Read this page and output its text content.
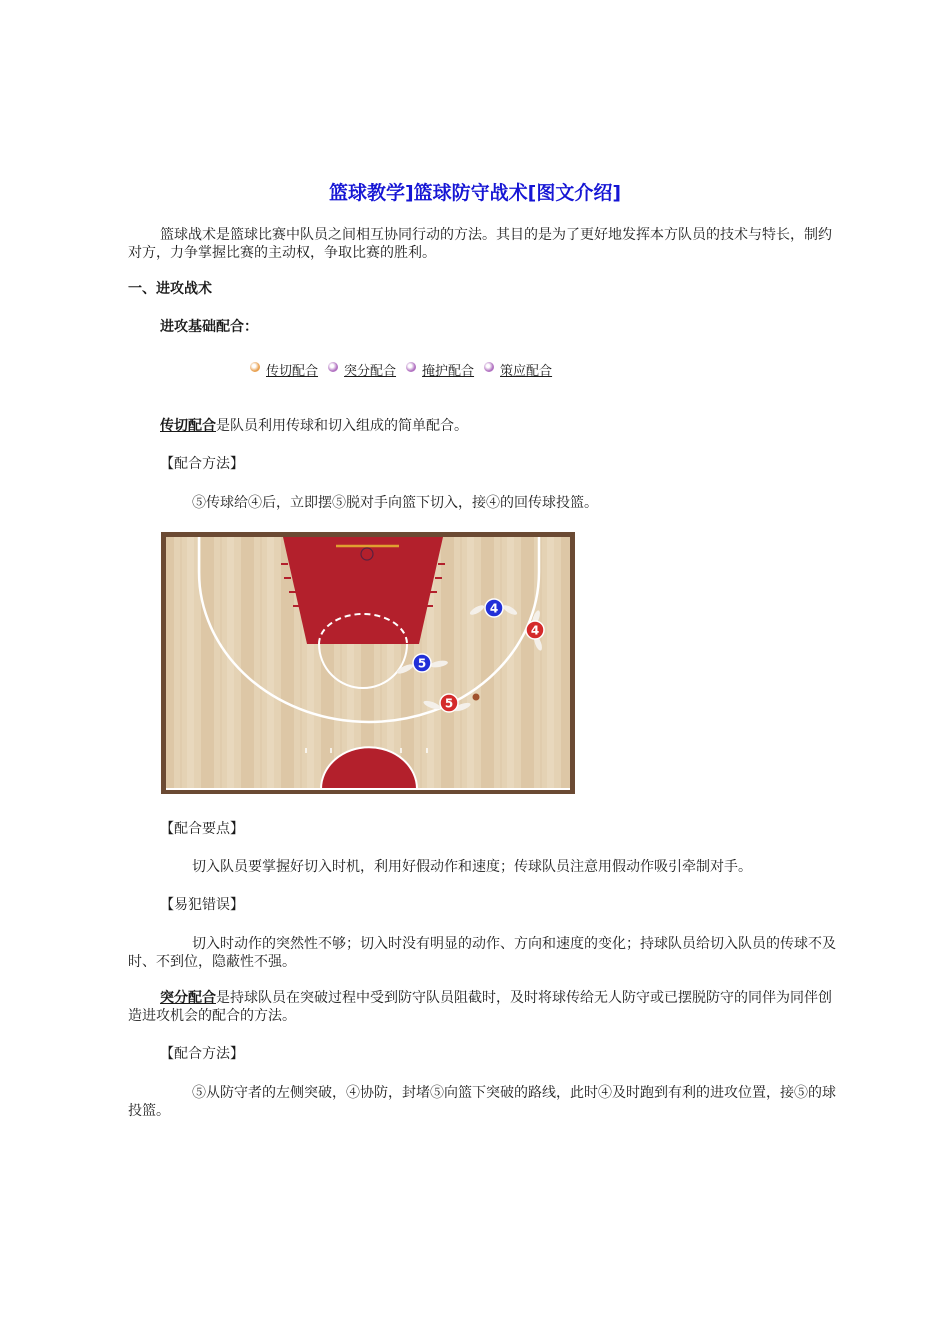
篮球教学]篮球防守战术[图文介绍]
篮球战术是篮球比赛中队员之间相互协同行动的方法。其目的是为了更好地发挥本方队员的技术与特长，制约对方，力争掌握比赛的主动权，争取比赛的胜利。
一、进攻战术
进攻基础配合：
传切配合 突分配合 掩护配合 策应配合
传切配合是队员利用传球和切入组成的简单配合。
【配合方法】
⑤传球给④后，立即摆⑤脱对手向篮下切入，接④的回传球投篮。
4
4
5
5
【配合要点】
切入队员要掌握好切入时机，利用好假动作和速度；传球队员注意用假动作吸引牵制对手。
【易犯错误】
切入时动作的突然性不够；切入时没有明显的动作、方向和速度的变化；持球队员给切入队员的传球不及时、不到位，隐蔽性不强。
突分配合是持球队员在突破过程中受到防守队员阻截时，及时将球传给无人防守或已摆脱防守的同伴为同伴创造进攻机会的配合的方法。
【配合方法】
⑤从防守者的左侧突破，④协防，封堵⑤向篮下突破的路线，此时④及时跑到有利的进攻位置，接⑤的球投篮。
